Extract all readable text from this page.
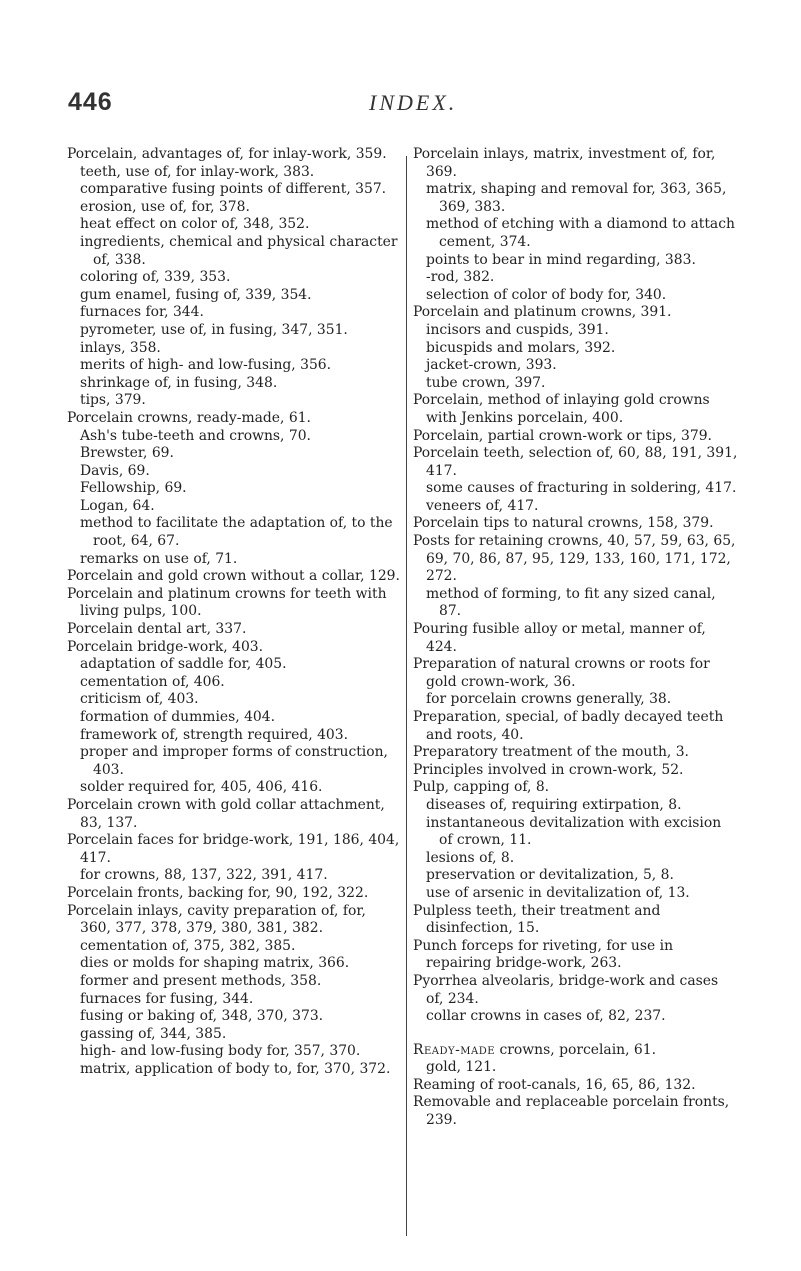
446	INDEX.
Porcelain, advantages of, for inlay-work, 359.
teeth, use of, for inlay-work, 383.
comparative fusing points of different, 357.
erosion, use of, for, 378.
heat effect on color of, 348, 352.
ingredients, chemical and physical character of, 338.
coloring of, 339, 353.
gum enamel, fusing of, 339, 354.
furnaces for, 344.
pyrometer, use of, in fusing, 347, 351.
inlays, 358.
merits of high- and low-fusing, 356.
shrinkage of, in fusing, 348.
tips, 379.
Porcelain crowns, ready-made, 61.
Ash's tube-teeth and crowns, 70.
Brewster, 69.
Davis, 69.
Fellowship, 69.
Logan, 64.
method to facilitate the adaptation of, to the root, 64, 67.
remarks on use of, 71.
Porcelain and gold crown without a collar, 129.
Porcelain and platinum crowns for teeth with living pulps, 100.
Porcelain dental art, 337.
Porcelain bridge-work, 403.
adaptation of saddle for, 405.
cementation of, 406.
criticism of, 403.
formation of dummies, 404.
framework of, strength required, 403.
proper and improper forms of construction, 403.
solder required for, 405, 406, 416.
Porcelain crown with gold collar attachment, 83, 137.
Porcelain faces for bridge-work, 191, 186, 404, 417.
for crowns, 88, 137, 322, 391, 417.
Porcelain fronts, backing for, 90, 192, 322.
Porcelain inlays, cavity preparation of, for, 360, 377, 378, 379, 380, 381, 382.
cementation of, 375, 382, 385.
dies or molds for shaping matrix, 366.
former and present methods, 358.
furnaces for fusing, 344.
fusing or baking of, 348, 370, 373.
gassing of, 344, 385.
high- and low-fusing body for, 357, 370.
matrix, application of body to, for, 370, 372.
Porcelain inlays, matrix, investment of, for, 369.
matrix, shaping and removal for, 363, 365, 369, 383.
method of etching with a diamond to attach cement, 374.
points to bear in mind regarding, 383.
-rod, 382.
selection of color of body for, 340.
Porcelain and platinum crowns, 391.
incisors and cuspids, 391.
bicuspids and molars, 392.
jacket-crown, 393.
tube crown, 397.
Porcelain, method of inlaying gold crowns with Jenkins porcelain, 400.
Porcelain, partial crown-work or tips, 379.
Porcelain teeth, selection of, 60, 88, 191, 391, 417.
some causes of fracturing in soldering, 417.
veneers of, 417.
Porcelain tips to natural crowns, 158, 379.
Posts for retaining crowns, 40, 57, 59, 63, 65, 69, 70, 86, 87, 95, 129, 133, 160, 171, 172, 272.
method of forming, to fit any sized canal, 87.
Pouring fusible alloy or metal, manner of, 424.
Preparation of natural crowns or roots for gold crown-work, 36.
for porcelain crowns generally, 38.
Preparation, special, of badly decayed teeth and roots, 40.
Preparatory treatment of the mouth, 3.
Principles involved in crown-work, 52.
Pulp, capping of, 8.
diseases of, requiring extirpation, 8.
instantaneous devitalization with excision of crown, 11.
lesions of, 8.
preservation or devitalization, 5, 8.
use of arsenic in devitalization of, 13.
Pulpless teeth, their treatment and disinfection, 15.
Punch forceps for riveting, for use in repairing bridge-work, 263.
Pyorrhea alveolaris, bridge-work and cases of, 234.
collar crowns in cases of, 82, 237.
Ready-made crowns, porcelain, 61.
gold, 121.
Reaming of root-canals, 16, 65, 86, 132.
Removable and replaceable porcelain fronts, 239.
